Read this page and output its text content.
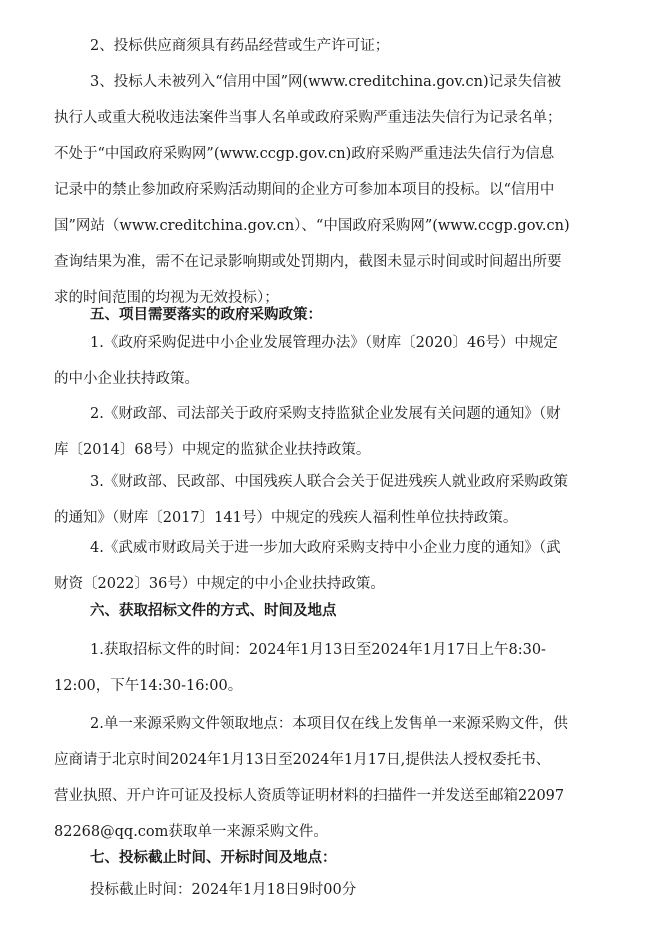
2、投标供应商须具有药品经营或生产许可证；
3、投标人未被列入“信用中国”网(www.creditchina.gov.cn)记录失信被
执行人或重大税收违法案件当事人名单或政府采购严重违法失信行为记录名单；
不处于“中国政府采购网”(www.ccgp.gov.cn)政府采购严重违法失信行为信息
记录中的禁止参加政府采购活动期间的企业方可参加本项目的投标。以“信用中
国”网站（www.creditchina.gov.cn）、“中国政府采购网”(www.ccgp.gov.cn)
查询结果为准，需不在记录影响期或处罚期内，截图未显示时间或时间超出所要
求的时间范围的均视为无效投标）；
五、项目需要落实的政府采购政策：
1.《政府采购促进中小企业发展管理办法》（财库〔2020〕46号）中规定
的中小企业扶持政策。
2.《财政部、司法部关于政府采购支持监狱企业发展有关问题的通知》（财
库〔2014〕68号）中规定的监狱企业扶持政策。
3.《财政部、民政部、中国残疾人联合会关于促进残疾人就业政府采购政策
的通知》（财库〔2017〕141号）中规定的残疾人福利性单位扶持政策。
4.《武威市财政局关于进一步加大政府采购支持中小企业力度的通知》（武
财资〔2022〕36号）中规定的中小企业扶持政策。
六、获取招标文件的方式、时间及地点
1.获取招标文件的时间：2024年1月13日至2024年1月17日上午8:30-
12:00，下午14:30-16:00。
2.单一来源采购文件领取地点：本项目仅在线上发售单一来源采购文件，供
应商请于北京时间2024年1月13日至2024年1月17日,提供法人授权委托书、
营业执照、开户许可证及投标人资质等证明材料的扫描件一并发送至邮箱22097
82268@qq.com获取单一来源采购文件。
七、投标截止时间、开标时间及地点：
投标截止时间：2024年1月18日9时00分
